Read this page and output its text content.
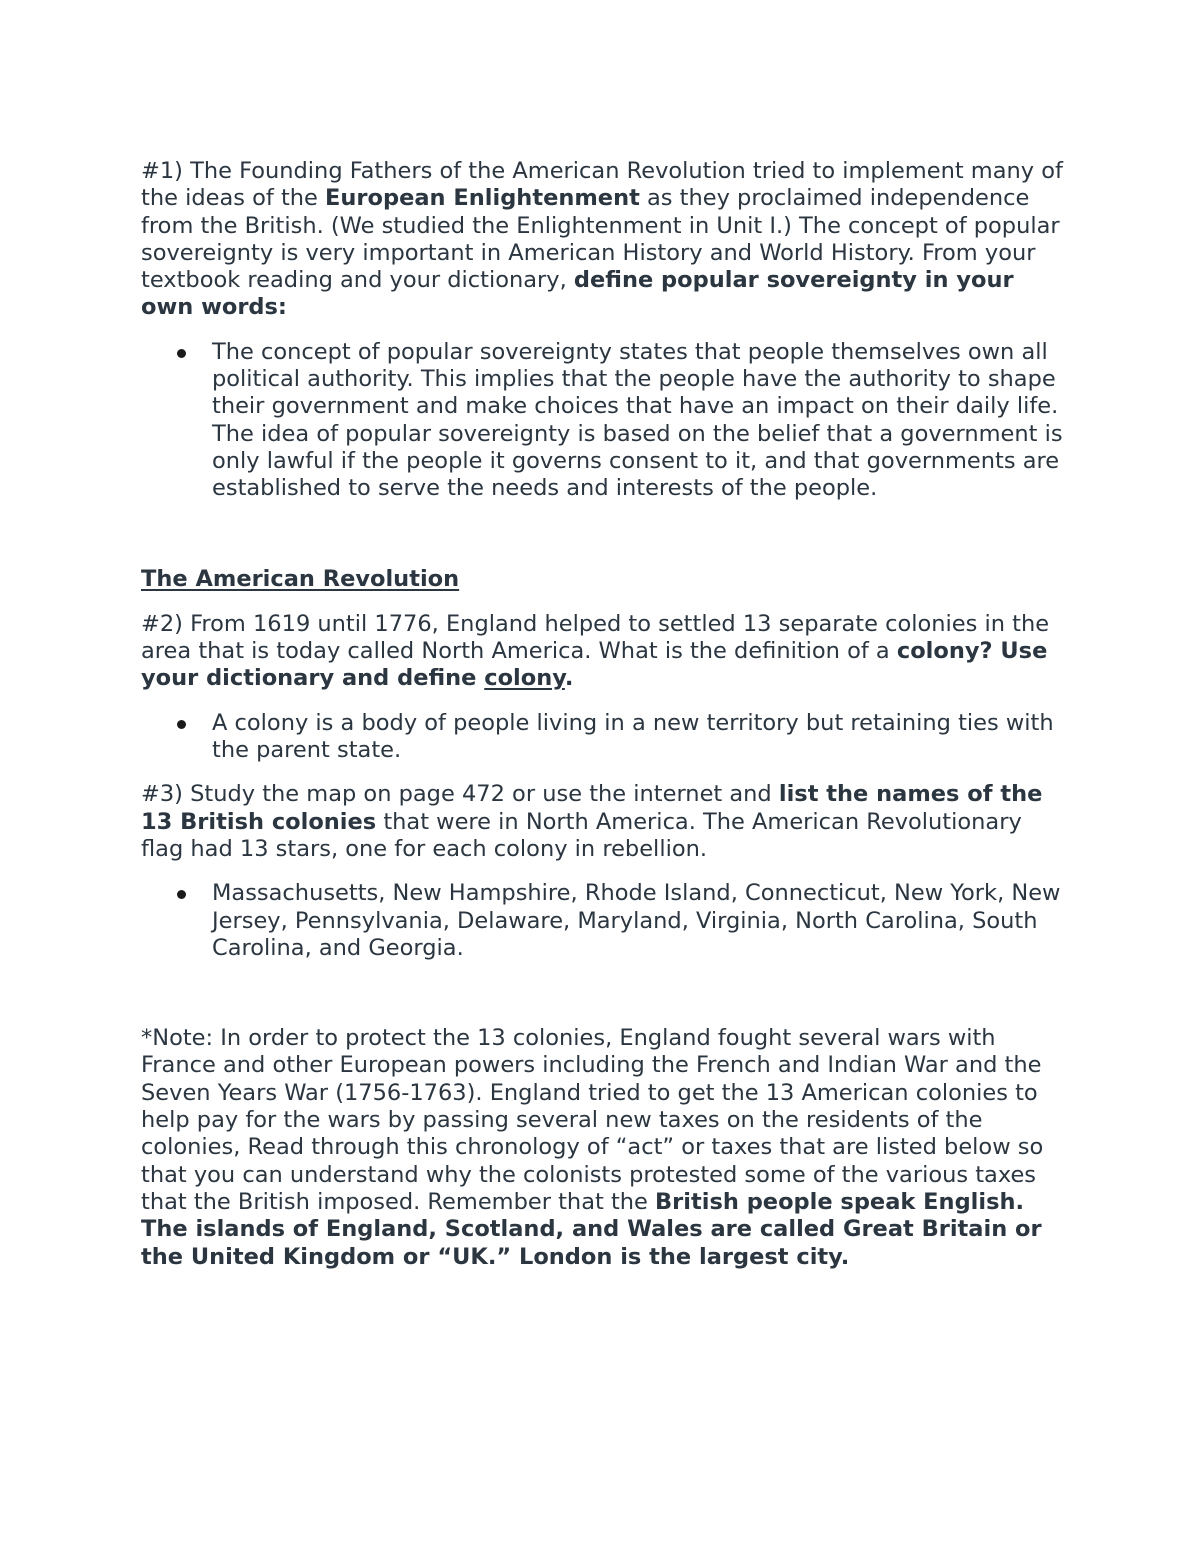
#1) The Founding Fathers of the American Revolution tried to implement many of the ideas of the European Enlightenment as they proclaimed independence from the British. (We studied the Enlightenment in Unit I.) The concept of popular sovereignty is very important in American History and World History. From your textbook reading and your dictionary, define popular sovereignty in your own words:

The concept of popular sovereignty states that people themselves own all political authority. This implies that the people have the authority to shape their government and make choices that have an impact on their daily life. The idea of popular sovereignty is based on the belief that a government is only lawful if the people it governs consent to it, and that governments are established to serve the needs and interests of the people.

The American Revolution

#2) From 1619 until 1776, England helped to settled 13 separate colonies in the area that is today called North America. What is the definition of a colony? Use your dictionary and define colony.

A colony is a body of people living in a new territory but retaining ties with the parent state.

#3) Study the map on page 472 or use the internet and list the names of the 13 British colonies that were in North America. The American Revolutionary flag had 13 stars, one for each colony in rebellion.

Massachusetts, New Hampshire, Rhode Island, Connecticut, New York, New Jersey, Pennsylvania, Delaware, Maryland, Virginia, North Carolina, South Carolina, and Georgia.

*Note: In order to protect the 13 colonies, England fought several wars with France and other European powers including the French and Indian War and the Seven Years War (1756-1763). England tried to get the 13 American colonies to help pay for the wars by passing several new taxes on the residents of the colonies, Read through this chronology of “act” or taxes that are listed below so that you can understand why the colonists protested some of the various taxes that the British imposed. Remember that the British people speak English. The islands of England, Scotland, and Wales are called Great Britain or the United Kingdom or “UK.” London is the largest city.
